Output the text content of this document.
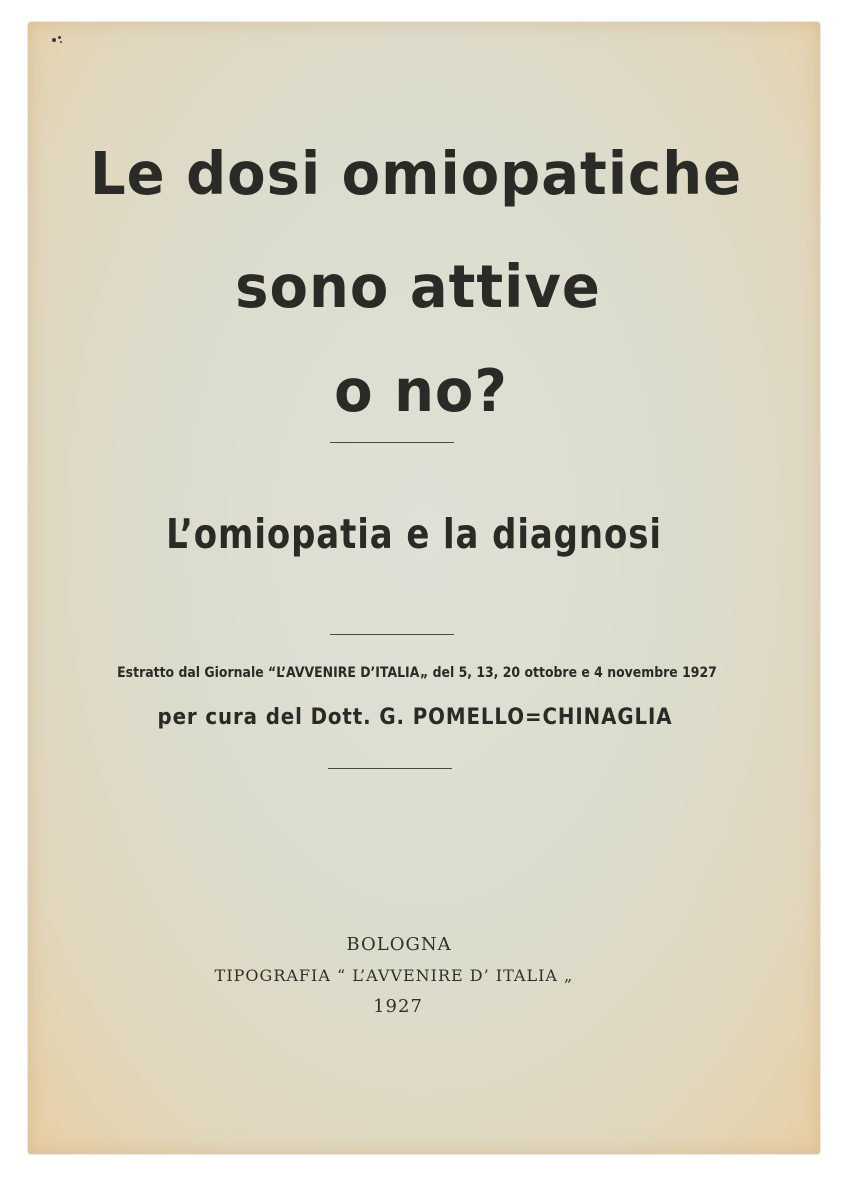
Le dosi omiopatiche
sono attive
o no?
L’omiopatia e la diagnosi
Estratto dal Giornale “L’AVVENIRE D’ITALIA„ del 5, 13, 20 ottobre e 4 novembre 1927
per cura del Dott. G. POMELLO=CHINAGLIA
BOLOGNA
TIPOGRAFIA “ L’AVVENIRE D’ ITALIA „
1927
